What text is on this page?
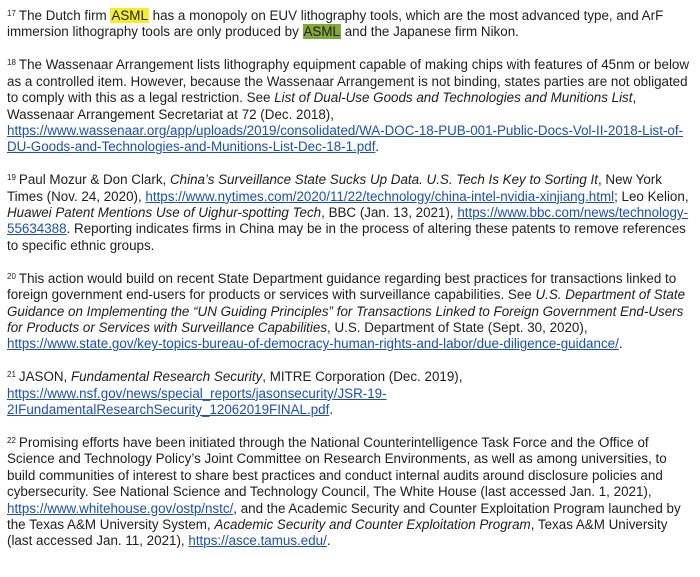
$^{17}$ The Dutch firm ASML has a monopoly on EUV lithography tools, which are the most advanced type, and ArF immersion lithography tools are only produced by ASML and the Japanese firm Nikon.

$^{18}$ The Wassenaar Arrangement lists lithography equipment capable of making chips with features of 45nm or below as a controlled item. However, because the Wassenaar Arrangement is not binding, states parties are not obligated to comply with this as a legal restriction. See List of Dual-Use Goods and Technologies and Munitions List, Wassenaar Arrangement Secretariat at 72 (Dec. 2018), https://www.wassenaar.org/app/uploads/2019/consolidated/WA-DOC-18-PUB-001-Public-Docs-Vol-II-2018-List-of-DU-Goods-and-Technologies-and-Munitions-List-Dec-18-1.pdf.

$^{19}$ Paul Mozur & Don Clark, China’s Surveillance State Sucks Up Data. U.S. Tech Is Key to Sorting It, New York Times (Nov. 24, 2020), https://www.nytimes.com/2020/11/22/technology/china-intel-nvidia-xinjiang.html; Leo Kelion, Huawei Patent Mentions Use of Uighur-spotting Tech, BBC (Jan. 13, 2021), https://www.bbc.com/news/technology-55634388. Reporting indicates firms in China may be in the process of altering these patents to remove references to specific ethnic groups.

$^{20}$ This action would build on recent State Department guidance regarding best practices for transactions linked to foreign government end-users for products or services with surveillance capabilities. See U.S. Department of State Guidance on Implementing the “UN Guiding Principles” for Transactions Linked to Foreign Government End-Users for Products or Services with Surveillance Capabilities, U.S. Department of State (Sept. 30, 2020), https://www.state.gov/key-topics-bureau-of-democracy-human-rights-and-labor/due-diligence-guidance/.

$^{21}$ JASON, Fundamental Research Security, MITRE Corporation (Dec. 2019), https://www.nsf.gov/news/special_reports/jasonsecurity/JSR-19-2IFundamentalResearchSecurity_12062019FINAL.pdf.

$^{22}$ Promising efforts have been initiated through the National Counterintelligence Task Force and the Office of Science and Technology Policy’s Joint Committee on Research Environments, as well as among universities, to build communities of interest to share best practices and conduct internal audits around disclosure policies and cybersecurity. See National Science and Technology Council, The White House (last accessed Jan. 1, 2021), https://www.whitehouse.gov/ostp/nstc/, and the Academic Security and Counter Exploitation Program launched by the Texas A&M University System, Academic Security and Counter Exploitation Program, Texas A&M University (last accessed Jan. 11, 2021), https://asce.tamus.edu/.
